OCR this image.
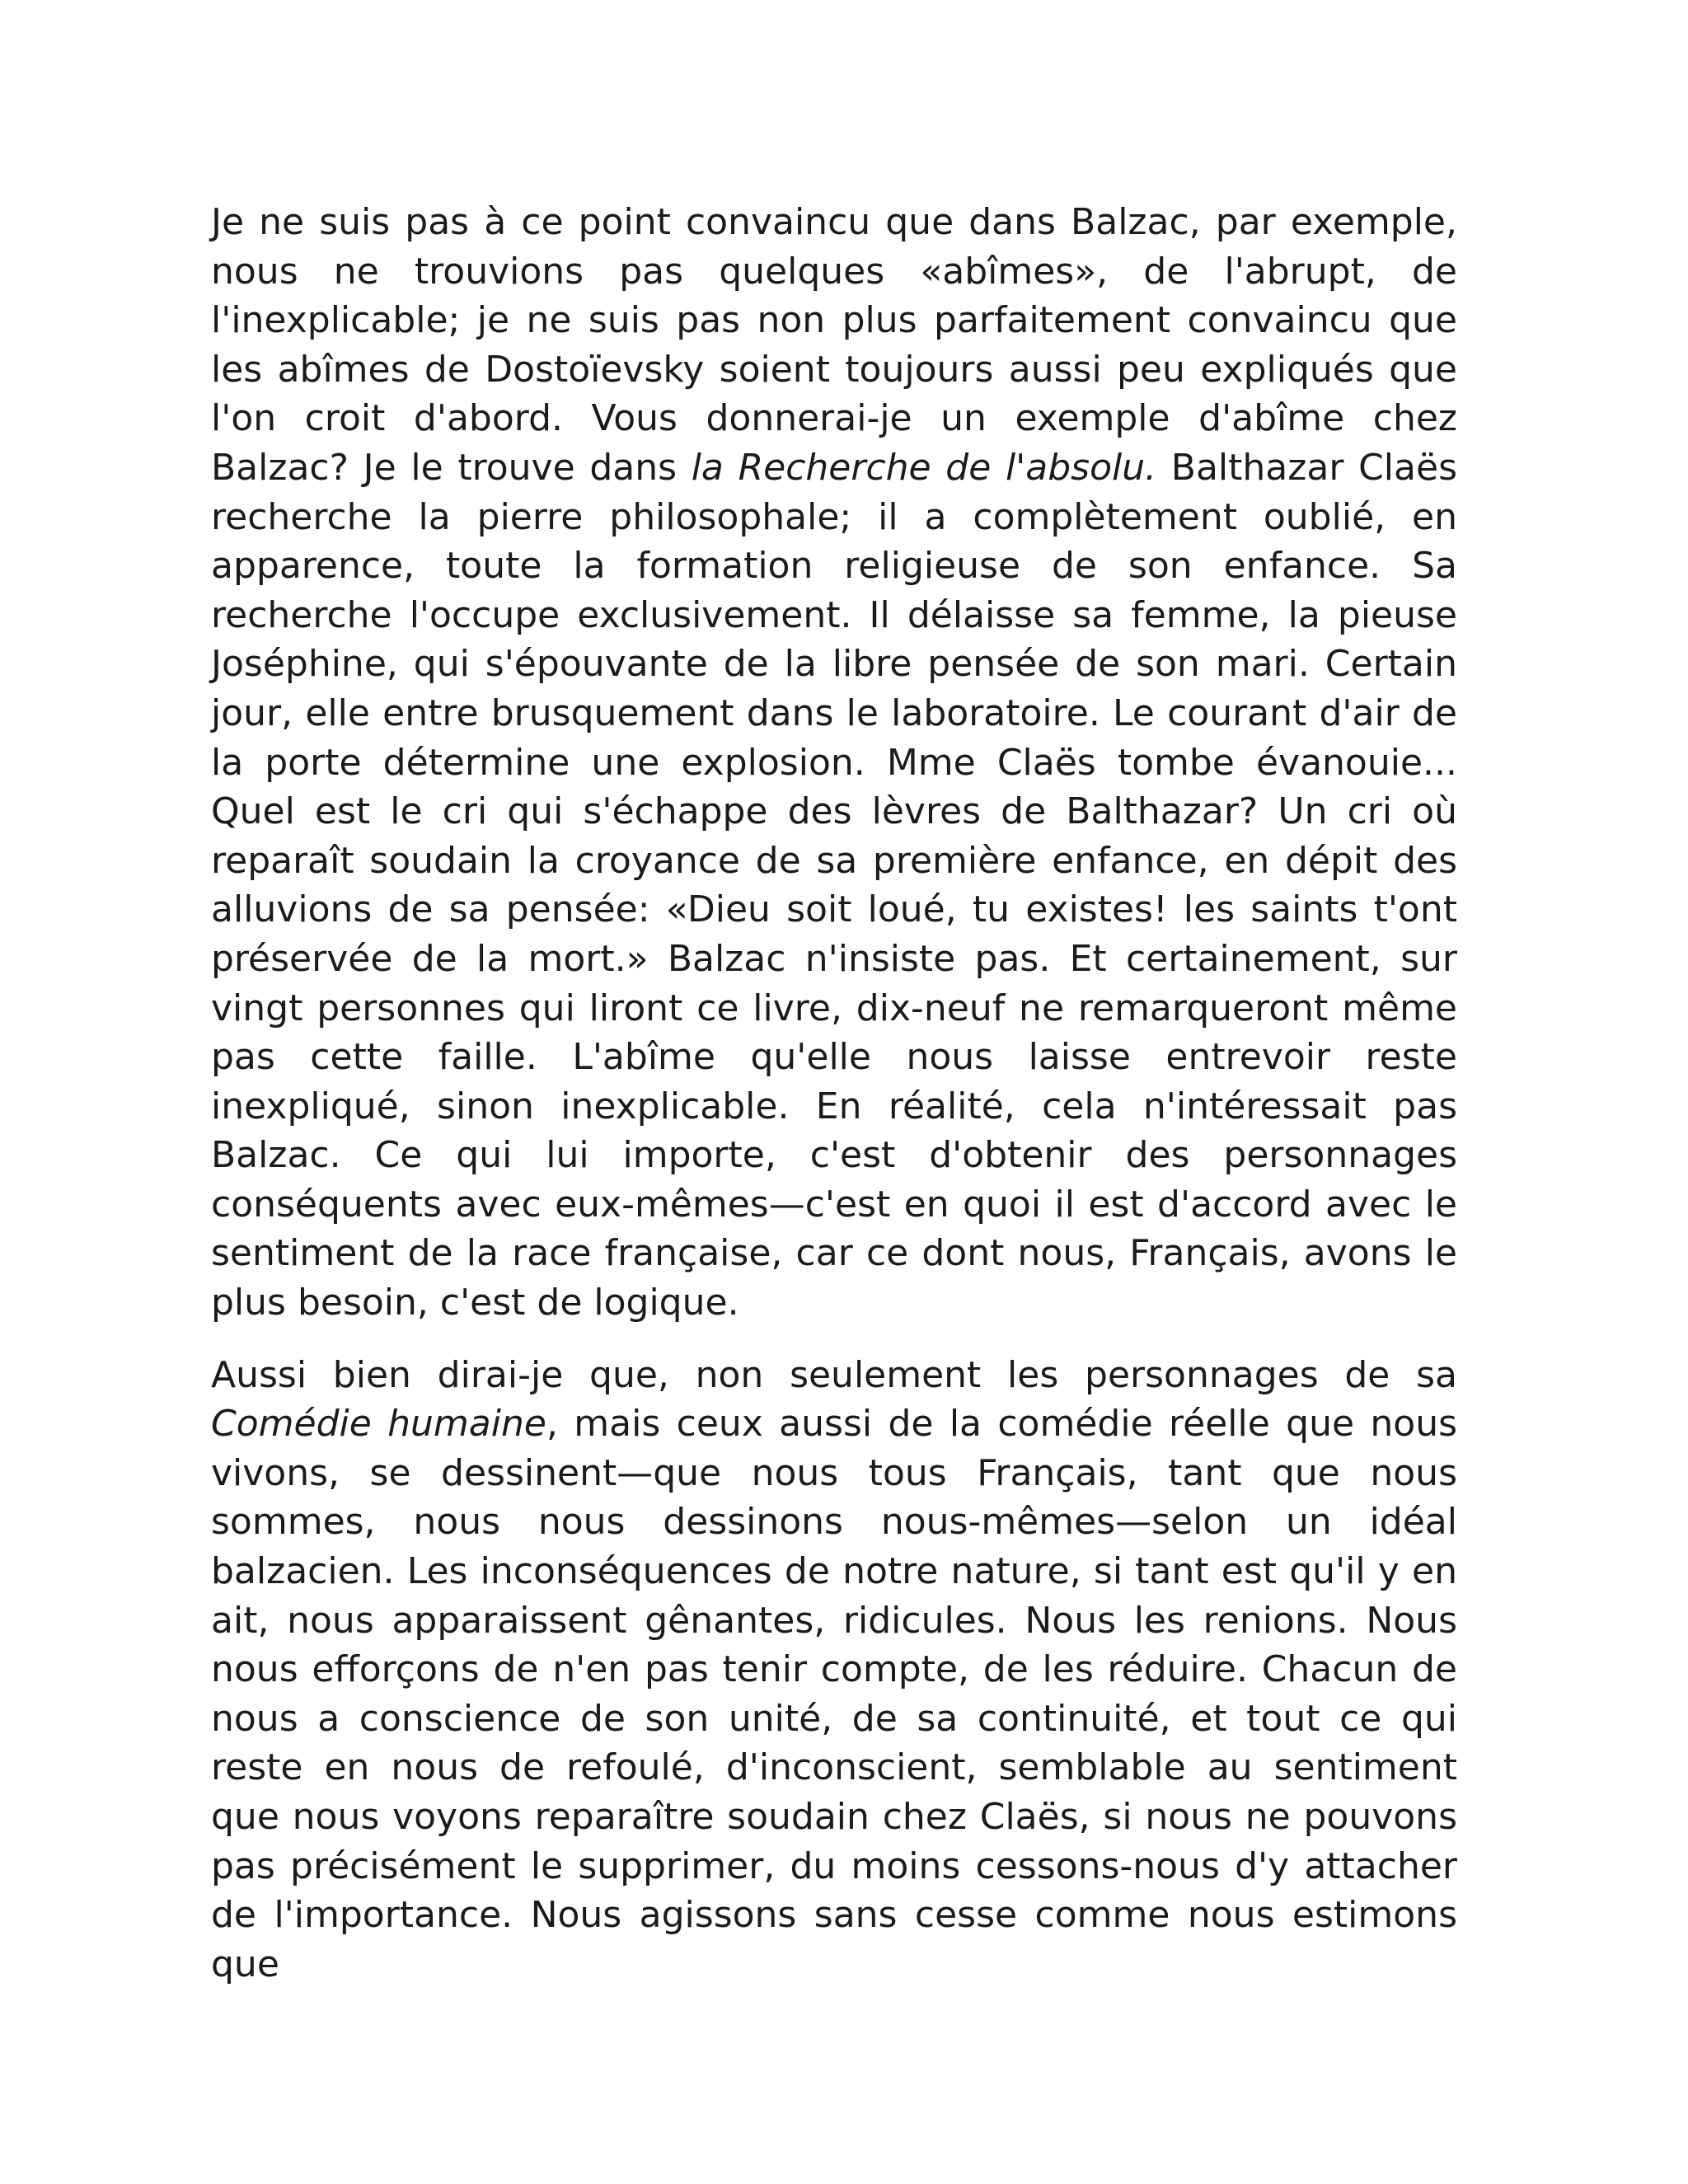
Je ne suis pas à ce point convaincu que dans Balzac, par exemple, nous ne trouvions pas quelques «abîmes», de l'abrupt, de l'inexplicable; je ne suis pas non plus parfaitement convaincu que les abîmes de Dostoïevsky soient toujours aussi peu expliqués que l'on croit d'abord. Vous donnerai-je un exemple d'abîme chez Balzac? Je le trouve dans la Recherche de l'absolu. Balthazar Claës recherche la pierre philosophale; il a complètement oublié, en apparence, toute la formation religieuse de son enfance. Sa recherche l'occupe exclusivement. Il délaisse sa femme, la pieuse Joséphine, qui s'épouvante de la libre pensée de son mari. Certain jour, elle entre brusquement dans le laboratoire. Le courant d'air de la porte détermine une explosion. Mme Claës tombe évanouie... Quel est le cri qui s'échappe des lèvres de Balthazar? Un cri où reparaît soudain la croyance de sa première enfance, en dépit des alluvions de sa pensée: «Dieu soit loué, tu existes! les saints t'ont préservée de la mort.» Balzac n'insiste pas. Et certainement, sur vingt personnes qui liront ce livre, dix-neuf ne remarqueront même pas cette faille. L'abîme qu'elle nous laisse entrevoir reste inexpliqué, sinon inexplicable. En réalité, cela n'intéressait pas Balzac. Ce qui lui importe, c'est d'obtenir des personnages conséquents avec eux-mêmes—c'est en quoi il est d'accord avec le sentiment de la race française, car ce dont nous, Français, avons le plus besoin, c'est de logique.

Aussi bien dirai-je que, non seulement les personnages de sa Comédie humaine, mais ceux aussi de la comédie réelle que nous vivons, se dessinent—que nous tous Français, tant que nous sommes, nous nous dessinons nous-mêmes—selon un idéal balzacien. Les inconséquences de notre nature, si tant est qu'il y en ait, nous apparaissent gênantes, ridicules. Nous les renions. Nous nous efforçons de n'en pas tenir compte, de les réduire. Chacun de nous a conscience de son unité, de sa continuité, et tout ce qui reste en nous de refoulé, d'inconscient, semblable au sentiment que nous voyons reparaître soudain chez Claës, si nous ne pouvons pas précisément le supprimer, du moins cessons-nous d'y attacher de l'importance. Nous agissons sans cesse comme nous estimons que
